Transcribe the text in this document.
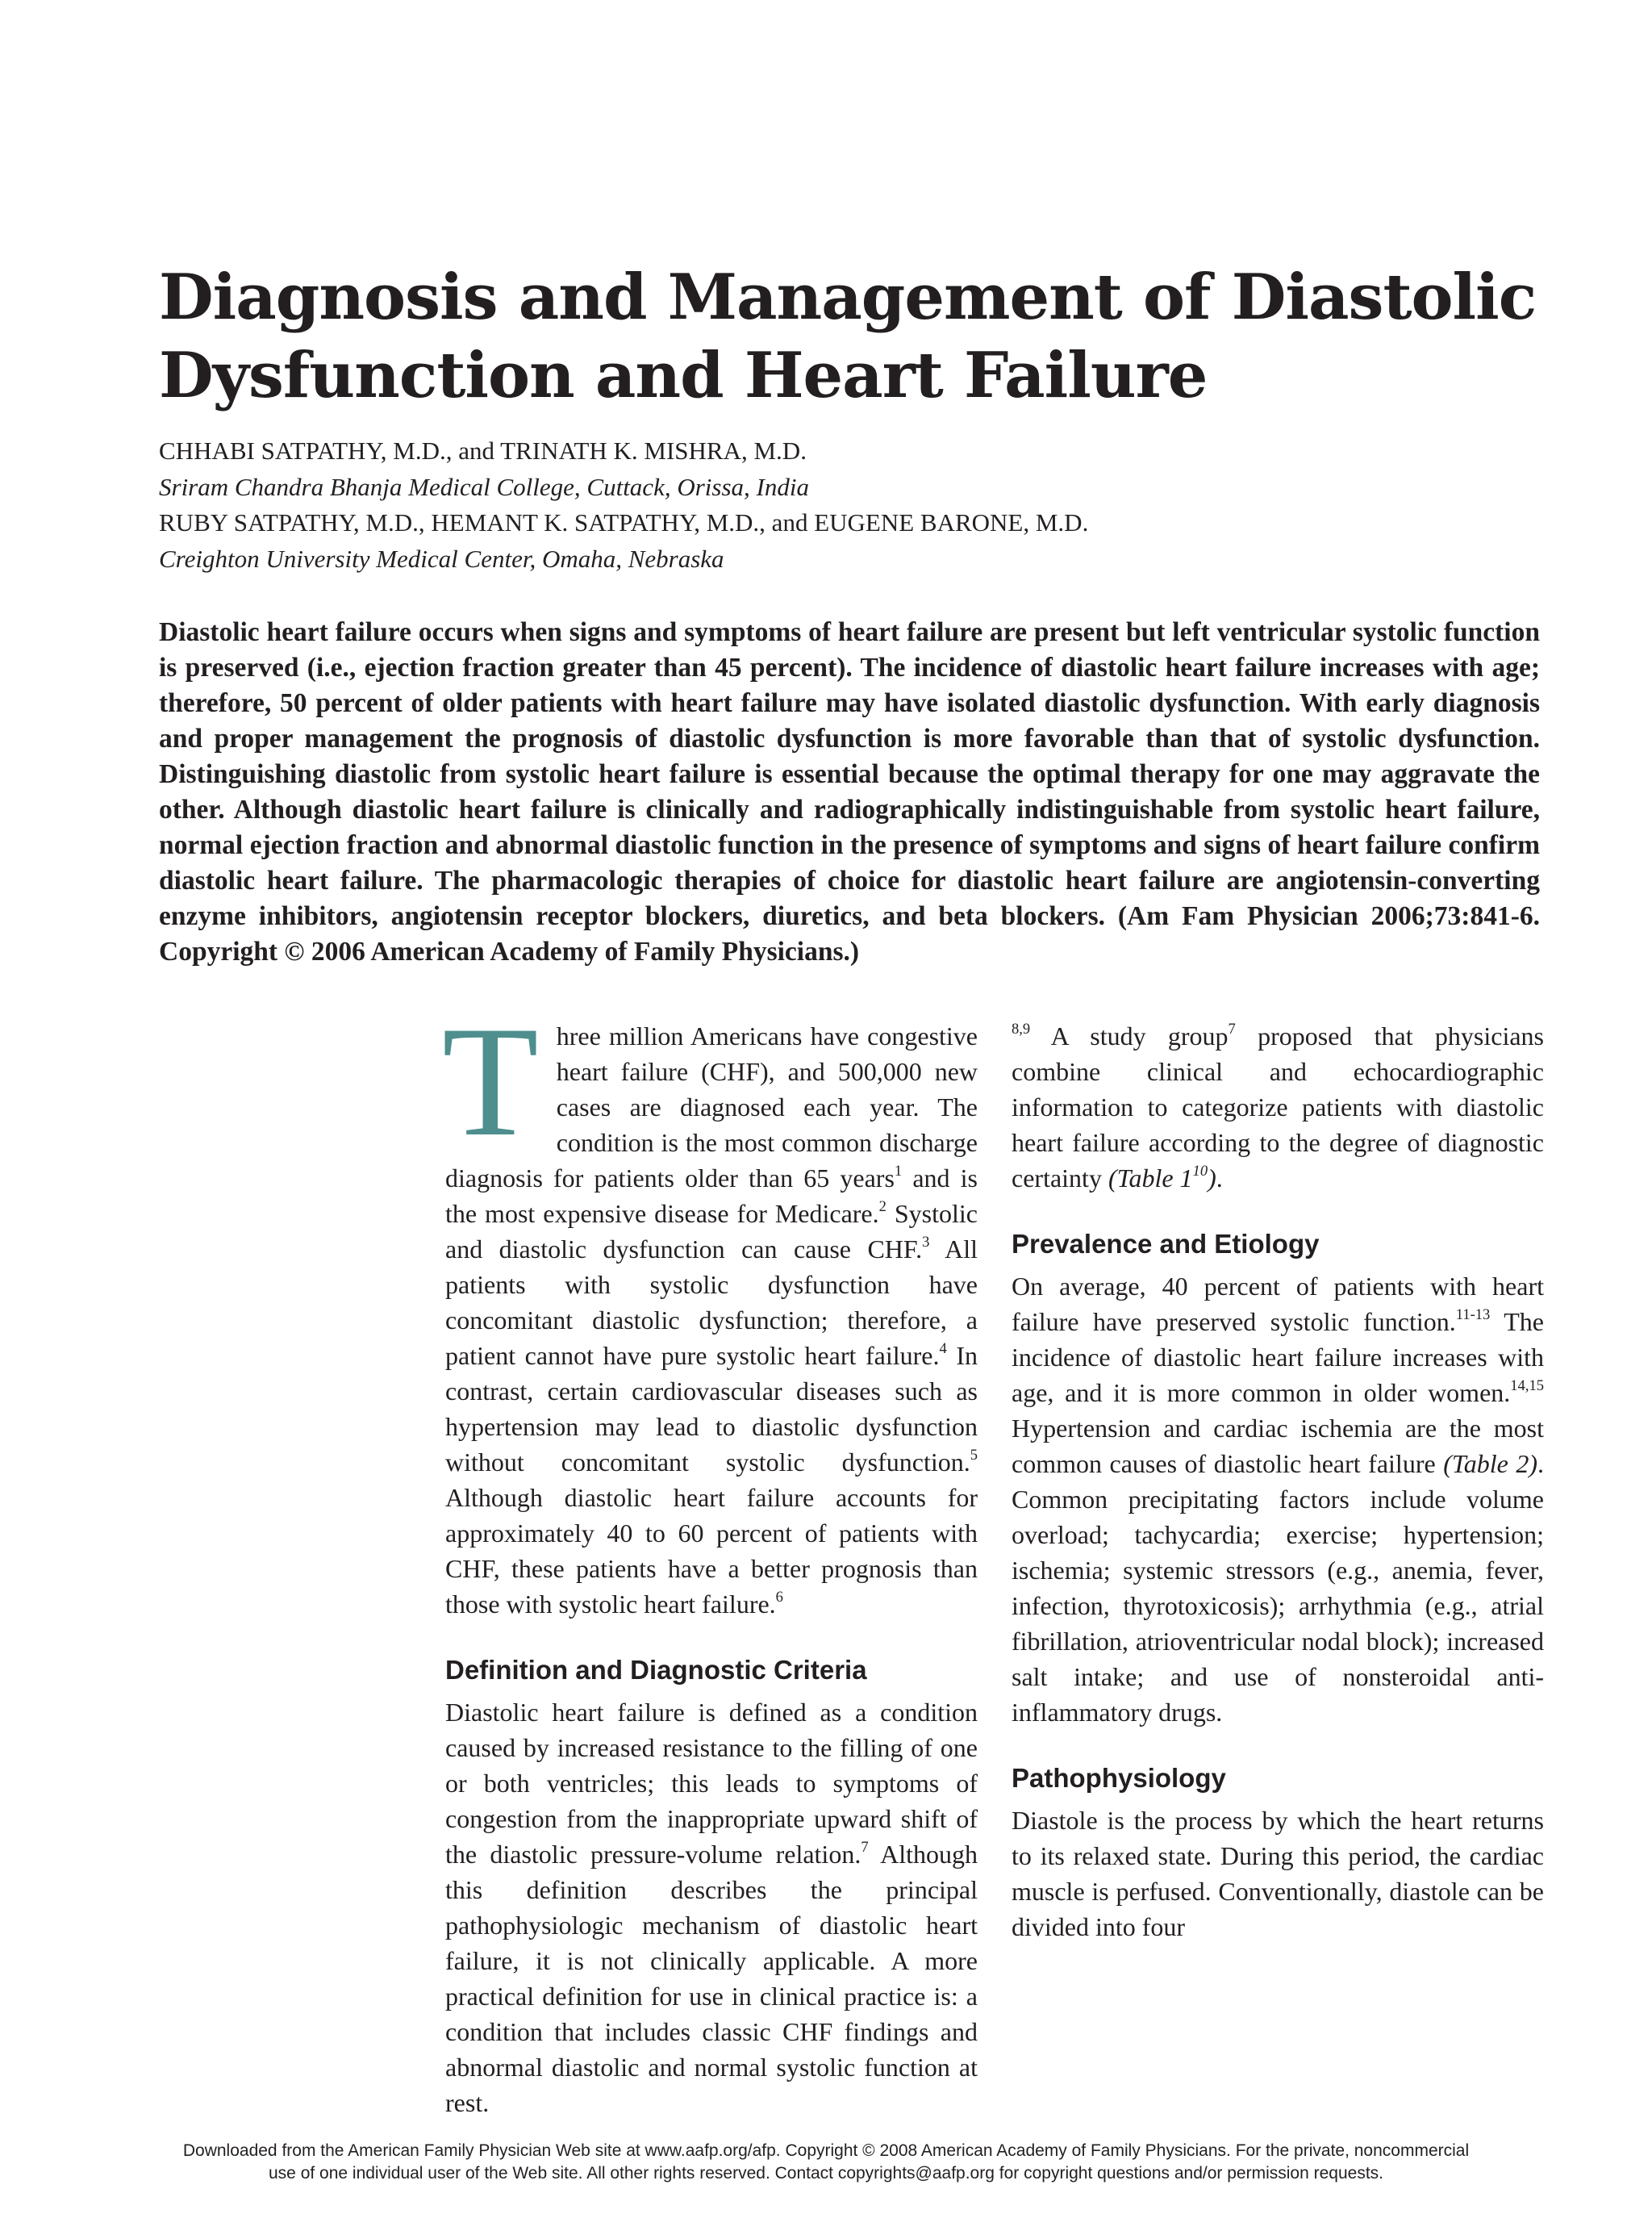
Diagnosis and Management of Diastolic
Dysfunction and Heart Failure
CHHABI SATPATHY, M.D., and TRINATH K. MISHRA, M.D.
Sriram Chandra Bhanja Medical College, Cuttack, Orissa, India
RUBY SATPATHY, M.D., HEMANT K. SATPATHY, M.D., and EUGENE BARONE, M.D.
Creighton University Medical Center, Omaha, Nebraska

Diastolic heart failure occurs when signs and symptoms of heart failure are present but left ventricular systolic function is preserved (i.e., ejection fraction greater than 45 percent). The incidence of diastolic heart failure increases with age; therefore, 50 percent of older patients with heart failure may have isolated diastolic dysfunction. With early diagnosis and proper management the prognosis of diastolic dysfunction is more favorable than that of systolic dysfunction. Distinguishing diastolic from systolic heart failure is essential because the optimal therapy for one may aggravate the other. Although diastolic heart failure is clinically and radiographically indistinguishable from systolic heart failure, normal ejection fraction and abnormal diastolic function in the presence of symptoms and signs of heart failure confirm diastolic heart failure. The pharmacologic therapies of choice for diastolic heart failure are angiotensin-converting enzyme inhibitors, angiotensin receptor blockers, diuretics, and beta blockers. (Am Fam Physician 2006;73:841-6. Copyright © 2006 American Academy of Family Physicians.)

Three million Americans have congestive heart failure (CHF), and 500,000 new cases are diagnosed each year. The condition is the most common discharge diagnosis for patients older than 65 years$^1$ and is the most expensive disease for Medicare.$^2$ Systolic and diastolic dysfunction can cause CHF.$^3$ All patients with systolic dysfunction have concomitant diastolic dysfunction; therefore, a patient cannot have pure systolic heart failure.$^4$ In contrast, certain cardiovascular diseases such as hypertension may lead to diastolic dysfunction without concomitant systolic dysfunction.$^5$ Although diastolic heart failure accounts for approximately 40 to 60 percent of patients with CHF, these patients have a better prognosis than those with systolic heart failure.$^6$

Definition and Diagnostic Criteria

Diastolic heart failure is defined as a condition caused by increased resistance to the filling of one or both ventricles; this leads to symptoms of congestion from the inappropriate upward shift of the diastolic pressure-volume relation.$^7$ Although this definition describes the principal pathophysiologic mechanism of diastolic heart failure, it is not clinically applicable. A more practical definition for use in clinical practice is: a condition that includes classic CHF findings and abnormal diastolic and normal systolic function at rest.

$^{8,9}$ A study group$^7$ proposed that physicians combine clinical and echocardiographic information to categorize patients with diastolic heart failure according to the degree of diagnostic certainty (Table $1^{10}$).

Prevalence and Etiology

On average, 40 percent of patients with heart failure have preserved systolic function.$^{11-13}$ The incidence of diastolic heart failure increases with age, and it is more common in older women.$^{14,15}$ Hypertension and cardiac ischemia are the most common causes of diastolic heart failure (Table 2). Common precipitating factors include volume overload; tachycardia; exercise; hypertension; ischemia; systemic stressors (e.g., anemia, fever, infection, thyrotoxicosis); arrhythmia (e.g., atrial fibrillation, atrioventricular nodal block); increased salt intake; and use of nonsteroidal anti-inflammatory drugs.

Pathophysiology

Diastole is the process by which the heart returns to its relaxed state. During this period, the cardiac muscle is perfused. Conventionally, diastole can be divided into four

Downloaded from the American Family Physician Web site at www.aafp.org/afp. Copyright © 2008 American Academy of Family Physicians. For the private, noncommercial
use of one individual user of the Web site. All other rights reserved. Contact copyrights@aafp.org for copyright questions and/or permission requests.
